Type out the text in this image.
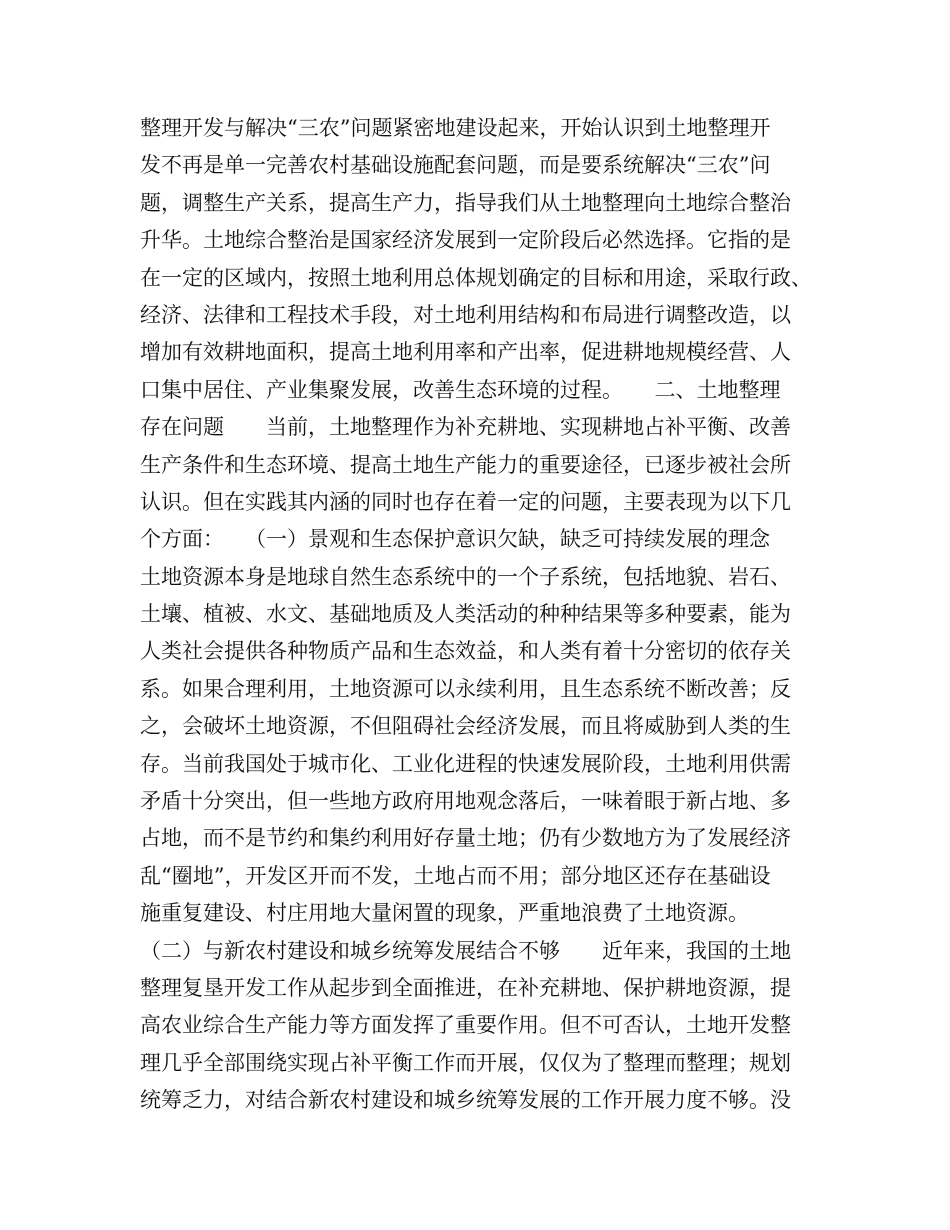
整理开发与解决“三农”问题紧密地建设起来，开始认识到土地整理开
发不再是单一完善农村基础设施配套问题，而是要系统解决“三农”问
题，调整生产关系，提高生产力，指导我们从土地整理向土地综合整治
升华。土地综合整治是国家经济发展到一定阶段后必然选择。它指的是
在一定的区域内，按照土地利用总体规划确定的目标和用途，采取行政、
经济、法律和工程技术手段，对土地利用结构和布局进行调整改造，以
增加有效耕地面积，提高土地利用率和产出率，促进耕地规模经营、人
口集中居住、产业集聚发展，改善生态环境的过程。　　二、土地整理
存在问题　　当前，土地整理作为补充耕地、实现耕地占补平衡、改善
生产条件和生态环境、提高土地生产能力的重要途径，已逐步被社会所
认识。但在实践其内涵的同时也存在着一定的问题，主要表现为以下几
个方面：　　（一）景观和生态保护意识欠缺，缺乏可持续发展的理念
土地资源本身是地球自然生态系统中的一个子系统，包括地貌、岩石、
土壤、植被、水文、基础地质及人类活动的种种结果等多种要素，能为
人类社会提供各种物质产品和生态效益，和人类有着十分密切的依存关
系。如果合理利用，土地资源可以永续利用，且生态系统不断改善；反
之，会破坏土地资源，不但阻碍社会经济发展，而且将威胁到人类的生
存。当前我国处于城市化、工业化进程的快速发展阶段，土地利用供需
矛盾十分突出，但一些地方政府用地观念落后，一味着眼于新占地、多
占地，而不是节约和集约利用好存量土地；仍有少数地方为了发展经济
乱“圈地”，开发区开而不发，土地占而不用；部分地区还存在基础设
施重复建设、村庄用地大量闲置的现象，严重地浪费了土地资源。
（二）与新农村建设和城乡统筹发展结合不够　　近年来，我国的土地
整理复垦开发工作从起步到全面推进，在补充耕地、保护耕地资源，提
高农业综合生产能力等方面发挥了重要作用。但不可否认，土地开发整
理几乎全部围绕实现占补平衡工作而开展，仅仅为了整理而整理；规划
统筹乏力，对结合新农村建设和城乡统筹发展的工作开展力度不够。没
